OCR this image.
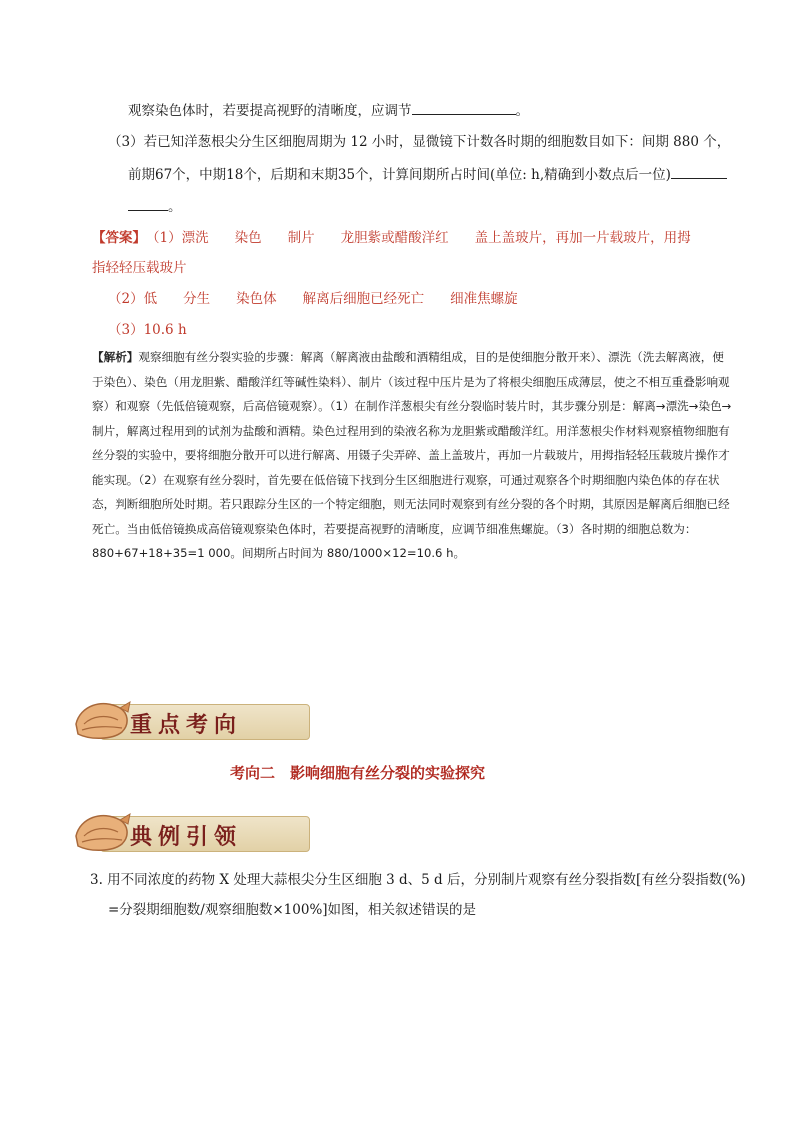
观察染色体时，若要提高视野的清晰度，应调节	。
（3）若已知洋葱根尖分生区细胞周期为 12 小时，显微镜下计数各时期的细胞数目如下：间期 880 个，
前期67个，中期18个，后期和末期35个，计算间期所占时间(单位: h,精确到小数点后一位)
。
【答案】（1）漂洗 染色 制片 龙胆紫或醋酸洋红 盖上盖玻片，再加一片载玻片，用拇
指轻轻压载玻片
（2）低 分生 染色体 解离后细胞已经死亡 细准焦螺旋
（3）10.6 h
【解析】观察细胞有丝分裂实验的步骤：解离（解离液由盐酸和酒精组成，目的是使细胞分散开来）、漂洗（洗去解离液，便于染色）、染色（用龙胆紫、醋酸洋红等碱性染料）、制片（该过程中压片是为了将根尖细胞压成薄层，使之不相互重叠影响观察）和观察（先低倍镜观察，后高倍镜观察）。（1）在制作洋葱根尖有丝分裂临时装片时，其步骤分别是：解离→漂洗→染色→制片，解离过程用到的试剂为盐酸和酒精。染色过程用到的染液名称为龙胆紫或醋酸洋红。用洋葱根尖作材料观察植物细胞有丝分裂的实验中，要将细胞分散开可以进行解离、用镊子尖弄碎、盖上盖玻片，再加一片载玻片，用拇指轻轻压载玻片操作才能实现。（2）在观察有丝分裂时，首先要在低倍镜下找到分生区细胞进行观察，可通过观察各个时期细胞内染色体的存在状态，判断细胞所处时期。若只跟踪分生区的一个特定细胞，则无法同时观察到有丝分裂的各个时期，其原因是解离后细胞已经死亡。当由低倍镜换成高倍镜观察染色体时，若要提高视野的清晰度，应调节细准焦螺旋。（3）各时期的细胞总数为：880+67+18+35=1 000。间期所占时间为 880/1000×12=10.6 h。
重点考向
考向二　影响细胞有丝分裂的实验探究
典例引领
3. 用不同浓度的药物 X 处理大蒜根尖分生区细胞 3 d、5 d 后，分别制片观察有丝分裂指数[有丝分裂指数(%)
=分裂期细胞数/观察细胞数×100%]如图，相关叙述错误的是
